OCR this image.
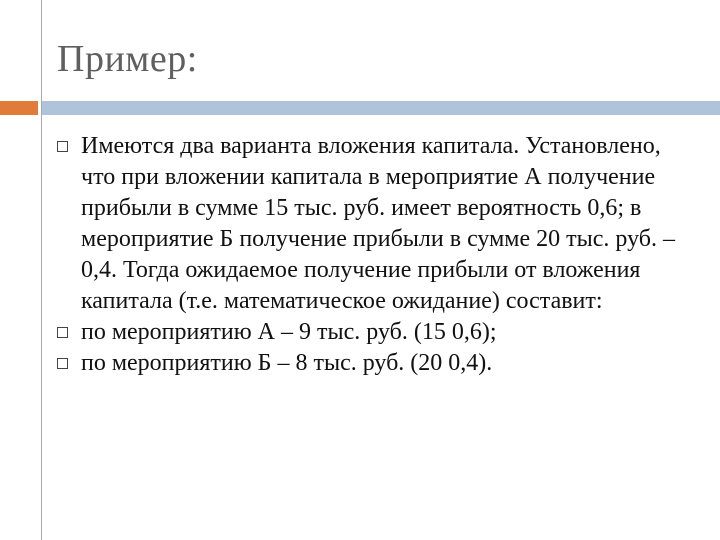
Пример:
Имеются два варианта вложения капитала. Установлено, что при вложении капитала в мероприятие А получение прибыли в сумме 15 тыс. руб. имеет вероятность 0,6; в мероприятие Б получение прибыли в сумме 20 тыс. руб. – 0,4. Тогда ожидаемое получение прибыли от вложения капитала (т.е. математическое ожидание) составит:
по мероприятию А – 9 тыс. руб. (15 0,6);
по мероприятию Б – 8 тыс. руб. (20 0,4).
